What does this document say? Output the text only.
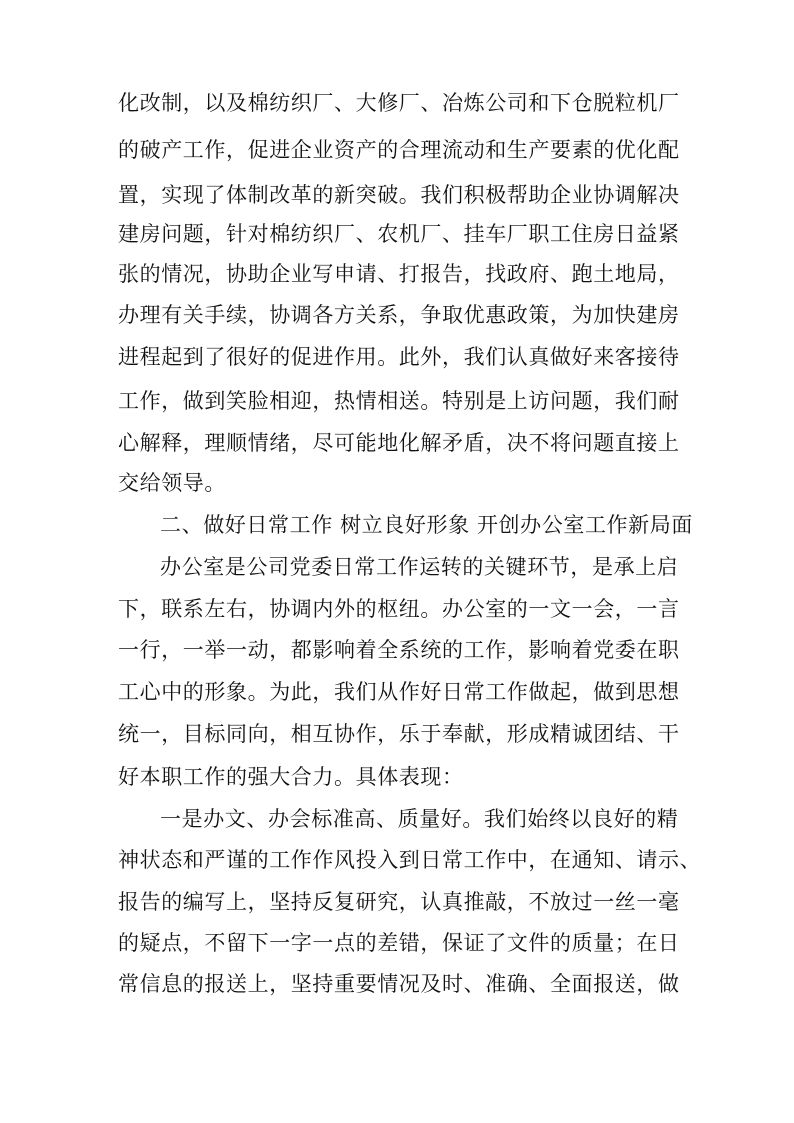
化改制，以及棉纺织厂、大修厂、冶炼公司和下仓脱粒机厂
的破产工作，促进企业资产的合理流动和生产要素的优化配
置，实现了体制改革的新突破。我们积极帮助企业协调解决
建房问题，针对棉纺织厂、农机厂、挂车厂职工住房日益紧
张的情况，协助企业写申请、打报告，找政府、跑土地局，
办理有关手续，协调各方关系，争取优惠政策，为加快建房
进程起到了很好的促进作用。此外，我们认真做好来客接待
工作，做到笑脸相迎，热情相送。特别是上访问题，我们耐
心解释，理顺情绪，尽可能地化解矛盾，决不将问题直接上
交给领导。
二、做好日常工作 树立良好形象 开创办公室工作新局面
办公室是公司党委日常工作运转的关键环节，是承上启
下，联系左右，协调内外的枢纽。办公室的一文一会，一言
一行，一举一动，都影响着全系统的工作，影响着党委在职
工心中的形象。为此，我们从作好日常工作做起，做到思想
统一，目标同向，相互协作，乐于奉献，形成精诚团结、干
好本职工作的强大合力。具体表现：
一是办文、办会标准高、质量好。我们始终以良好的精
神状态和严谨的工作作风投入到日常工作中，在通知、请示、
报告的编写上，坚持反复研究，认真推敲，不放过一丝一毫
的疑点，不留下一字一点的差错，保证了文件的质量；在日
常信息的报送上，坚持重要情况及时、准确、全面报送，做
